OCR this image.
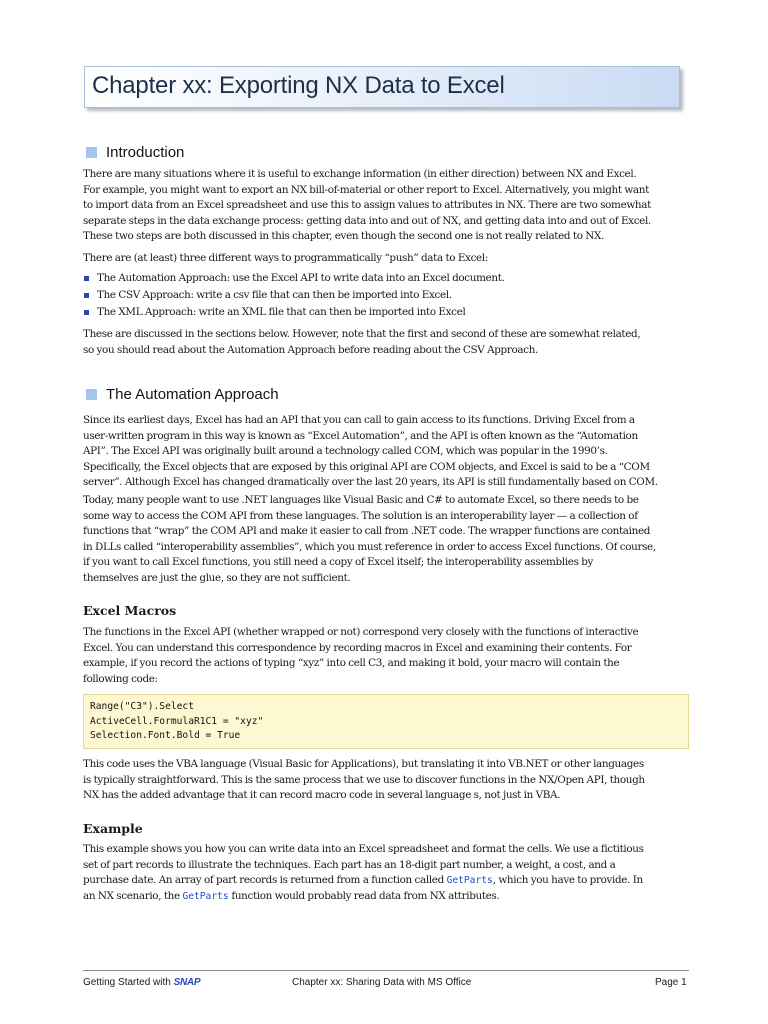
Chapter xx: Exporting NX Data to Excel
Introduction

There are many situations where it is useful to exchange information (in either direction) between NX and Excel.
For example, you might want to export an NX bill-of-material or other report to Excel. Alternatively, you might want
to import data from an Excel spreadsheet and use this to assign values to attributes in NX. There are two somewhat
separate steps in the data exchange process: getting data into and out of NX, and getting data into and out of Excel.
These two steps are both discussed in this chapter, even though the second one is not really related to NX.

There are (at least) three different ways to programmatically “push” data to Excel:

The Automation Approach: use the Excel API to write data into an Excel document.
The CSV Approach: write a csv file that can then be imported into Excel.
The XML Approach: write an XML file that can then be imported into Excel

These are discussed in the sections below. However, note that the first and second of these are somewhat related,
so you should read about the Automation Approach before reading about the CSV Approach.

The Automation Approach

Since its earliest days, Excel has had an API that you can call to gain access to its functions. Driving Excel from a
user-written program in this way is known as “Excel Automation”, and the API is often known as the “Automation
API”. The Excel API was originally built around a technology called COM, which was popular in the 1990’s.
Specifically, the Excel objects that are exposed by this original API are COM objects, and Excel is said to be a “COM
server”. Although Excel has changed dramatically over the last 20 years, its API is still fundamentally based on COM.

Today, many people want to use .NET languages like Visual Basic and C# to automate Excel, so there needs to be
some way to access the COM API from these languages. The solution is an interoperability layer — a collection of
functions that “wrap” the COM API and make it easier to call from .NET code. The wrapper functions are contained
in DLLs called “interoperability assemblies”, which you must reference in order to access Excel functions. Of course,
if you want to call Excel functions, you still need a copy of Excel itself; the interoperability assemblies by
themselves are just the glue, so they are not sufficient.

Excel Macros

The functions in the Excel API (whether wrapped or not) correspond very closely with the functions of interactive
Excel. You can understand this correspondence by recording macros in Excel and examining their contents. For
example, if you record the actions of typing “xyz” into cell C3, and making it bold, your macro will contain the
following code:

Range("C3").Select
ActiveCell.FormulaR1C1 = "xyz"
Selection.Font.Bold = True

This code uses the VBA language (Visual Basic for Applications), but translating it into VB.NET or other languages
is typically straightforward. This is the same process that we use to discover functions in the NX/Open API, though
NX has the added advantage that it can record macro code in several language s, not just in VBA.

Example

This example shows you how you can write data into an Excel spreadsheet and format the cells. We use a fictitious
set of part records to illustrate the techniques. Each part has an 18-digit part number, a weight, a cost, and a
purchase date. An array of part records is returned from a function called GetParts, which you have to provide. In
an NX scenario, the GetParts function would probably read data from NX attributes.

Getting Started with SNAP	Chapter xx: Sharing Data with MS Office	Page 1
